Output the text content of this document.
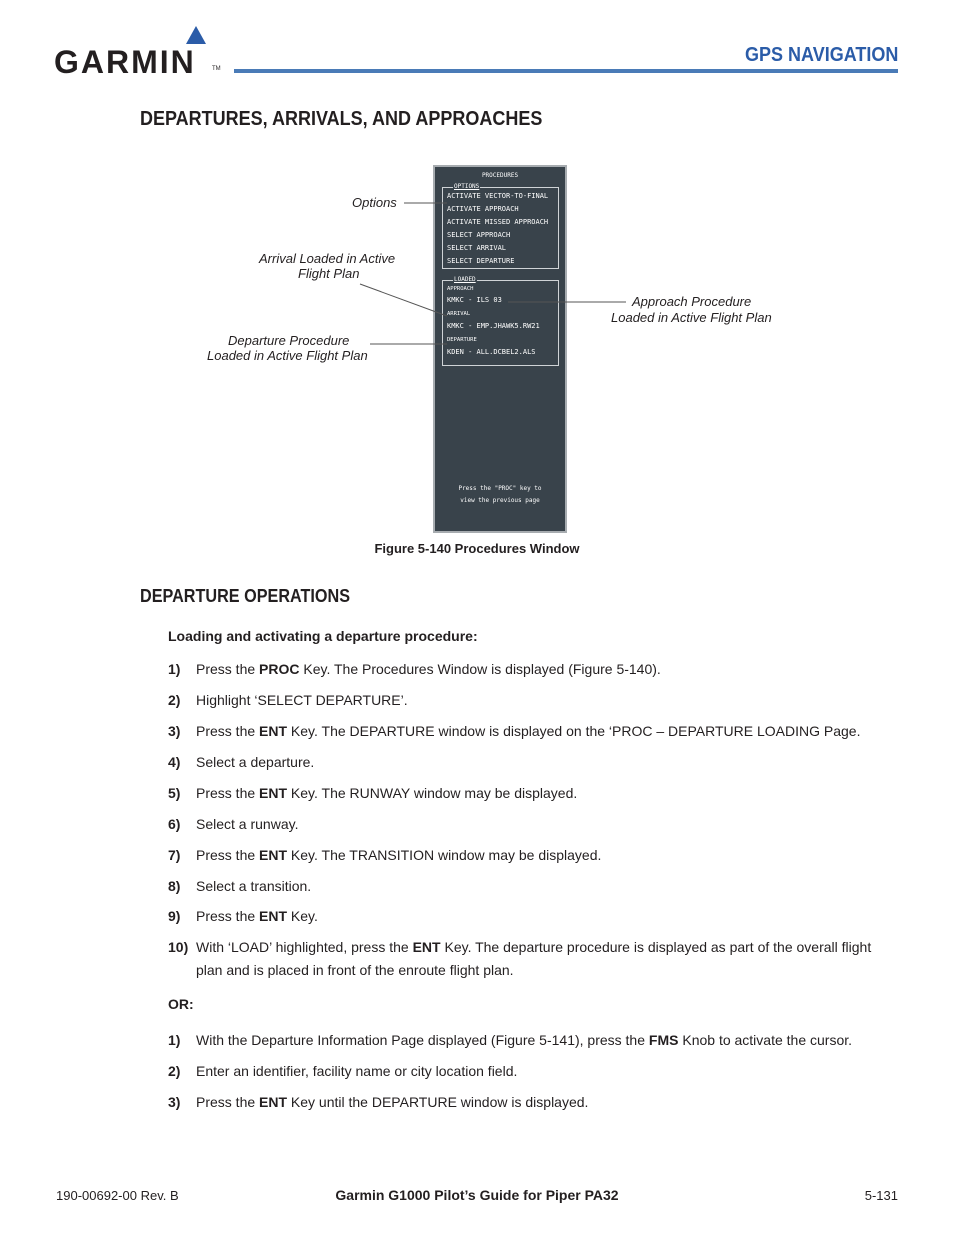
GARMIN	TM
GPS NAVIGATION
DEPARTURES, ARRIVALS, AND APPROACHES
PROCEDURES
OPTIONS
ACTIVATE VECTOR-TO-FINAL
ACTIVATE APPROACH
ACTIVATE MISSED APPROACH
SELECT APPROACH
SELECT ARRIVAL
SELECT DEPARTURE
LOADED
APPROACH
KMKC - ILS 03
ARRIVAL
KMKC - EMP.JHAWK5.RW21
DEPARTURE
KDEN - ALL.DCBEL2.ALS
Press the "PROC" key to
view the previous page
Options
Arrival Loaded in Active
Flight Plan
Departure Procedure
Loaded in Active Flight Plan
Approach Procedure
Loaded in Active Flight Plan
Figure 5-140 Procedures Window
DEPARTURE OPERATIONS
Loading and activating a departure procedure:
1) Press the PROC Key. The Procedures Window is displayed (Figure 5-140).
2) Highlight ‘SELECT DEPARTURE’.
3) Press the ENT Key. The DEPARTURE window is displayed on the ‘PROC – DEPARTURE LOADING Page.
4) Select a departure.
5) Press the ENT Key. The RUNWAY window may be displayed.
6) Select a runway.
7) Press the ENT Key. The TRANSITION window may be displayed.
8) Select a transition.
9) Press the ENT Key.
10) With ‘LOAD’ highlighted, press the ENT Key. The departure procedure is displayed as part of the overall flight plan and is placed in front of the enroute flight plan.
OR:
1) With the Departure Information Page displayed (Figure 5-141), press the FMS Knob to activate the cursor.
2) Enter an identifier, facility name or city location field.
3) Press the ENT Key until the DEPARTURE window is displayed.
190-00692-00 Rev. B	Garmin G1000 Pilot’s Guide for Piper PA32	5-131
